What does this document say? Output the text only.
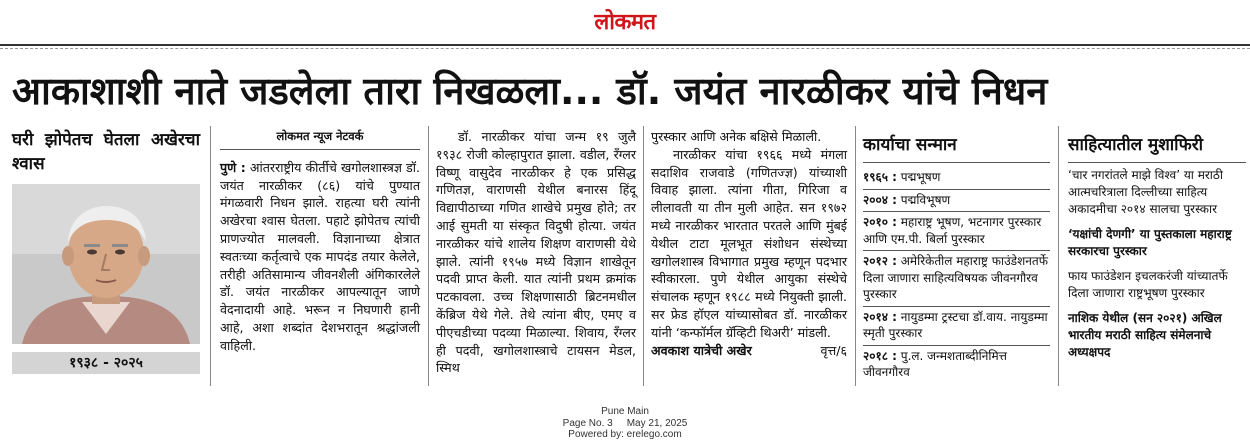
लोकमत
आकाशाशी नाते जडलेला तारा निखळला... डॉ. जयंत नारळीकर यांचे निधन
घरी झोपेतच घेतला अखेरचा श्वास
१९३८ - २०२५
लोकमत न्यूज नेटवर्क

पुणे : आंतरराष्ट्रीय कीर्तीचे खगोलशास्त्रज्ञ डॉ. जयंत नारळीकर (८६) यांचे पुण्यात मंगळवारी निधन झाले. राहत्या घरी त्यांनी अखेरचा श्वास घेतला. पहाटे झोपेतच त्यांची प्राणज्योत मालवली. विज्ञानाच्या क्षेत्रात स्वतःच्या कर्तृत्वाचे एक मापदंड तयार केलेले, तरीही अतिसामान्य जीवनशैली अंगिकारलेले डॉ. जयंत नारळीकर आपल्यातून जाणे वेदनादायी आहे. भरून न निघणारी हानी आहे, अशा शब्दांत देशभरातून श्रद्धांजली वाहिली.

डॉ. नारळीकर यांचा जन्म १९ जुलै १९३८ रोजी कोल्हापुरात झाला. वडील, रँग्लर विष्णू वासुदेव नारळीकर हे एक प्रसिद्ध गणितज्ञ, वाराणसी येथील बनारस हिंदू विद्यापीठाच्या गणित शाखेचे प्रमुख होते; तर आई सुमती या संस्कृत विदुषी होत्या. जयंत नारळीकर यांचे शालेय शिक्षण वाराणसी येथे झाले. त्यांनी १९५७ मध्ये विज्ञान शाखेतून पदवी प्राप्त केली. यात त्यांनी प्रथम क्रमांक पटकावला. उच्च शिक्षणासाठी ब्रिटनमधील केंब्रिज येथे गेले. तेथे त्यांना बीए, एमए व पीएचडीच्या पदव्या मिळाल्या. शिवाय, रँग्लर ही पदवी, खगोलशास्त्राचे टायसन मेडल, स्मिथ

पुरस्कार आणि अनेक बक्षिसे मिळाली.

नारळीकर यांचा १९६६ मध्ये मंगला सदाशिव राजवाडे (गणितज्ज्ञ) यांच्याशी विवाह झाला. त्यांना गीता, गिरिजा व लीलावती या तीन मुली आहेत. सन १९७२ मध्ये नारळीकर भारतात परतले आणि मुंबई येथील टाटा मूलभूत संशोधन संस्थेच्या खगोलशास्त्र विभागात प्रमुख म्हणून पदभार स्वीकारला. पुणे येथील आयुका संस्थेचे संचालक म्हणून १९८८ मध्ये नियुक्ती झाली. सर फ्रेड हॉएल यांच्यासोबत डॉ. नारळीकर यांनी ‘कन्फॉर्मल ग्रॅव्हिटी थिअरी’ मांडली.

अवकाश यात्रेची अखेर	वृत्त/६

कार्याचा सन्मान
१९६५ : पद्मभूषण
२००४ : पद्मविभूषण
२०१० : महाराष्ट्र भूषण, भटनागर पुरस्कार आणि एम.पी. बिर्ला पुरस्कार
२०१२ : अमेरिकेतील महाराष्ट्र फाउंडेशनतर्फे दिला जाणारा साहित्यविषयक जीवनगौरव पुरस्कार
२०१४ : नायुडम्मा ट्रस्टचा डॉ.वाय. नायुडम्मा स्मृती पुरस्कार
२०१८ : पु.ल. जन्मशताब्दीनिमित्त जीवनगौरव
साहित्यातील मुशाफिरी
‘चार नगरांतले माझे विश्व’ या मराठी आत्मचरित्राला दिल्लीच्या साहित्य अकादमीचा २०१४ सालचा पुरस्कार
‘यक्षांची देणगी’ या पुस्तकाला महाराष्ट्र सरकारचा पुरस्कार
फाय फाउंडेशन इचलकरंजी यांच्यातर्फे दिला जाणारा राष्ट्रभूषण पुरस्कार
नाशिक येथील (सन २०२१) अखिल भारतीय मराठी साहित्य संमेलनाचे अध्यक्षपद
Pune Main
Page No. 3 May 21, 2025
Powered by: erelego.com
